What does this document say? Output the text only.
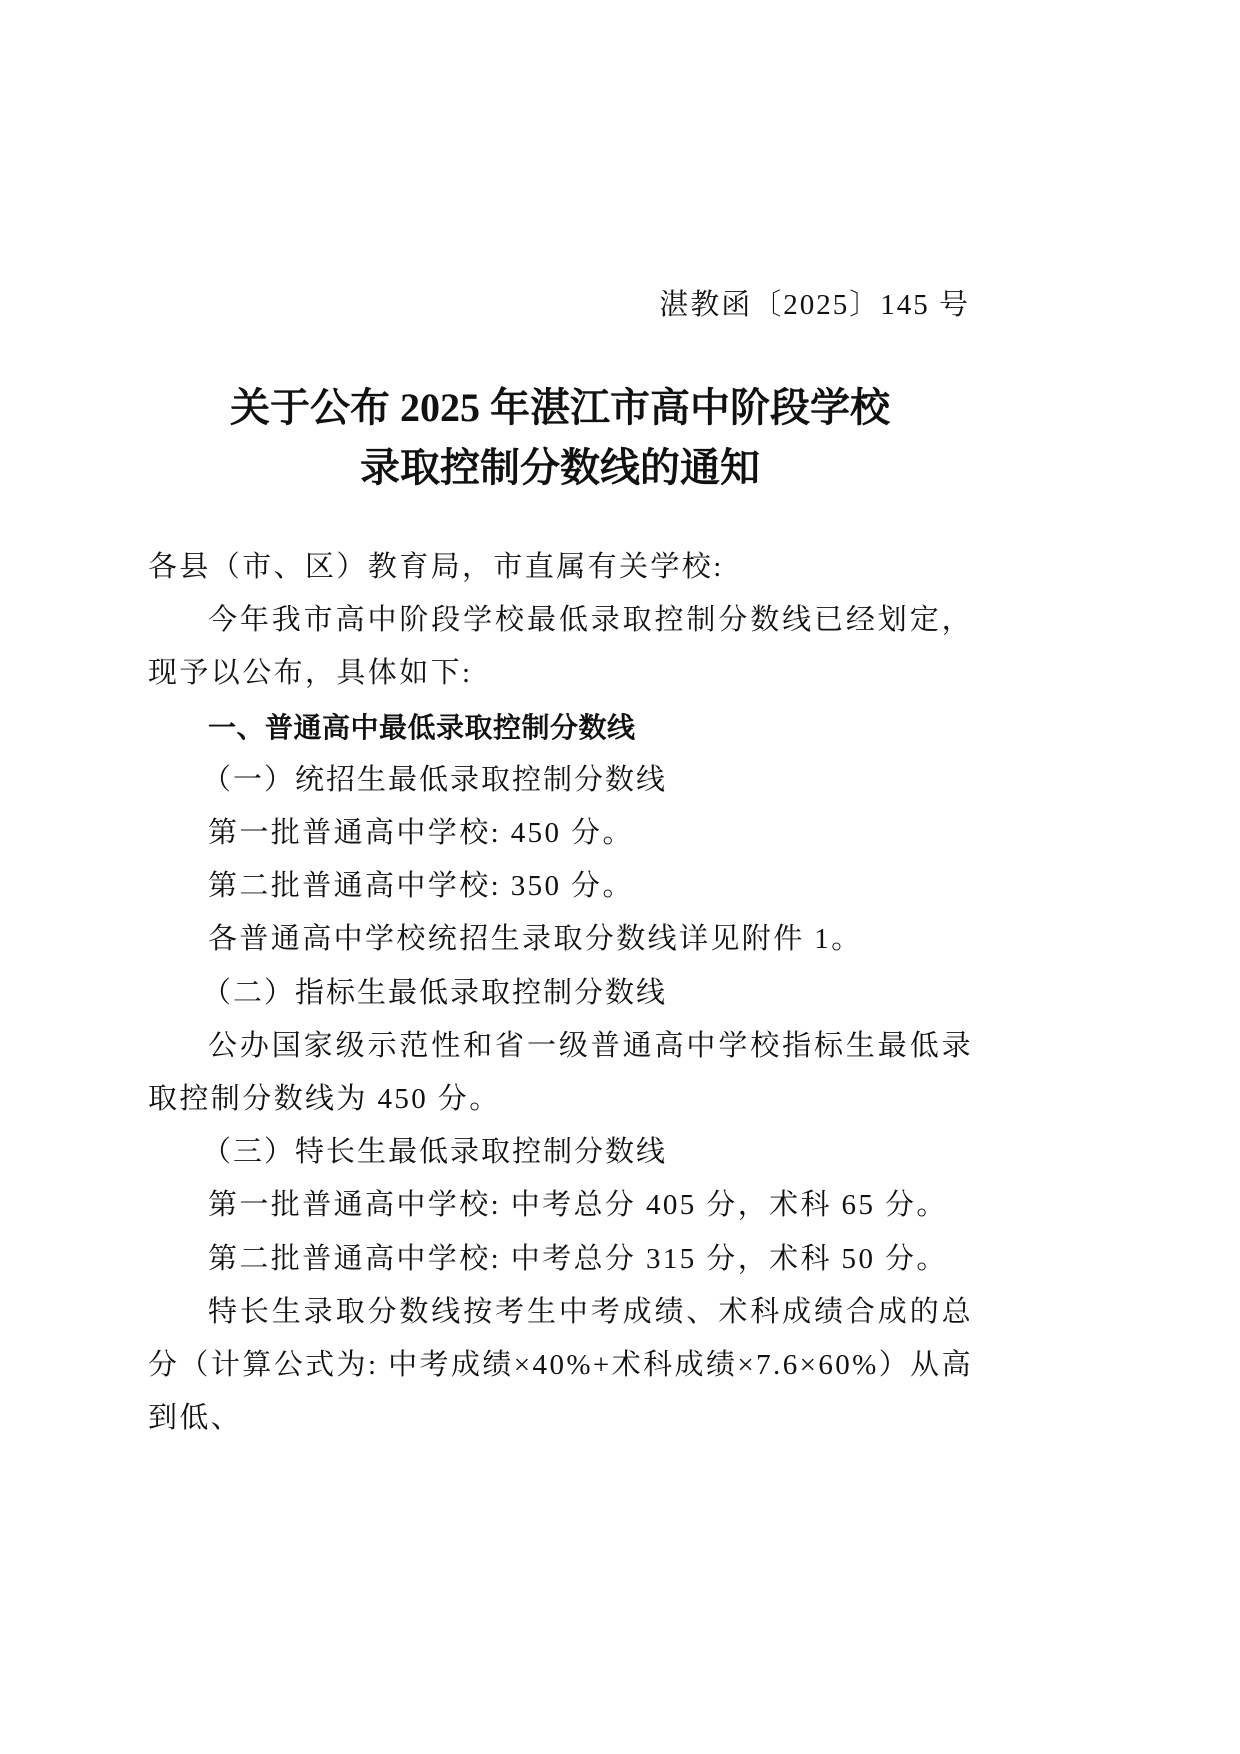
湛教函〔2025〕145 号
关于公布 2025 年湛江市高中阶段学校
录取控制分数线的通知

各县（市、区）教育局，市直属有关学校:

今年我市高中阶段学校最低录取控制分数线已经划定，现予以公布，具体如下:

一、普通高中最低录取控制分数线

（一）统招生最低录取控制分数线

第一批普通高中学校: 450 分。

第二批普通高中学校: 350 分。

各普通高中学校统招生录取分数线详见附件 1。

（二）指标生最低录取控制分数线

公办国家级示范性和省一级普通高中学校指标生最低录取控制分数线为 450 分。

（三）特长生最低录取控制分数线

第一批普通高中学校: 中考总分 405 分，术科 65 分。

第二批普通高中学校: 中考总分 315 分，术科 50 分。

特长生录取分数线按考生中考成绩、术科成绩合成的总分（计算公式为: 中考成绩×40%+术科成绩×7.6×60%）从高到低、
